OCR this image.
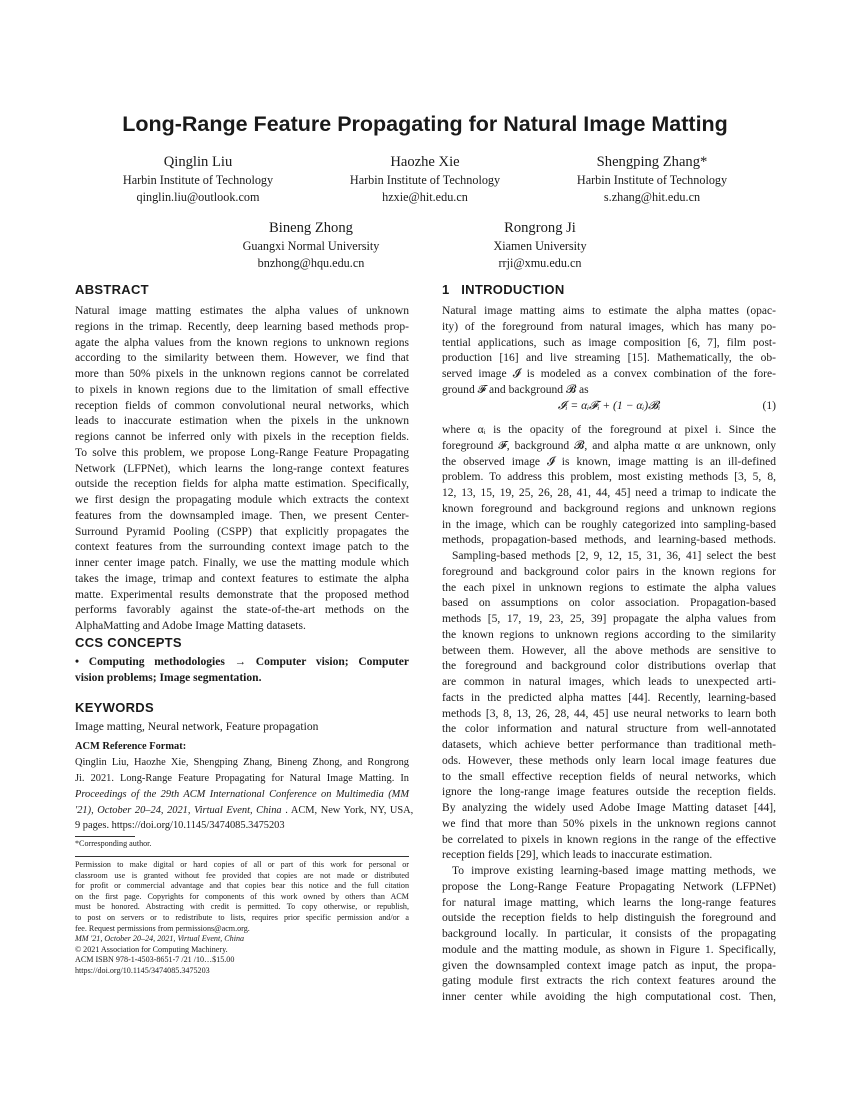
Long-Range Feature Propagating for Natural Image Matting
Qinglin Liu
Harbin Institute of Technology
qinglin.liu@outlook.com
Haozhe Xie
Harbin Institute of Technology
hzxie@hit.edu.cn
Shengping Zhang*
Harbin Institute of Technology
s.zhang@hit.edu.cn
Bineng Zhong
Guangxi Normal University
bnzhong@hqu.edu.cn
Rongrong Ji
Xiamen University
rrji@xmu.edu.cn
ABSTRACT
Natural image matting estimates the alpha values of unknown
regions in the trimap. Recently, deep learning based methods prop-
agate the alpha values from the known regions to unknown regions
according to the similarity between them. However, we find that
more than 50% pixels in the unknown regions cannot be correlated
to pixels in known regions due to the limitation of small effective
reception fields of common convolutional neural networks, which
leads to inaccurate estimation when the pixels in the unknown
regions cannot be inferred only with pixels in the reception fields.
To solve this problem, we propose Long-Range Feature Propagating
Network (LFPNet), which learns the long-range context features
outside the reception fields for alpha matte estimation. Specifically,
we first design the propagating module which extracts the context
features from the downsampled image. Then, we present Center-
Surround Pyramid Pooling (CSPP) that explicitly propagates the
context features from the surrounding context image patch to the
inner center image patch. Finally, we use the matting module which
takes the image, trimap and context features to estimate the alpha
matte. Experimental results demonstrate that the proposed method
performs favorably against the state-of-the-art methods on the
AlphaMatting and Adobe Image Matting datasets.
CCS CONCEPTS
• Computing methodologies → Computer vision; Computer
vision problems; Image segmentation.
KEYWORDS
Image matting, Neural network, Feature propagation
ACM Reference Format:
Qinglin Liu, Haozhe Xie, Shengping Zhang, Bineng Zhong, and Rongrong
Ji. 2021. Long-Range Feature Propagating for Natural Image Matting. In
Proceedings of the 29th ACM International Conference on Multimedia (MM
'21), October 20–24, 2021, Virtual Event, China . ACM, New York, NY, USA,
9 pages. https://doi.org/10.1145/3474085.3475203
*Corresponding author.
Permission to make digital or hard copies of all or part of this work for personal or
classroom use is granted without fee provided that copies are not made or distributed
for profit or commercial advantage and that copies bear this notice and the full citation
on the first page. Copyrights for components of this work owned by others than ACM
must be honored. Abstracting with credit is permitted. To copy otherwise, or republish,
to post on servers or to redistribute to lists, requires prior specific permission and/or a
fee. Request permissions from permissions@acm.org.
MM '21, October 20–24, 2021, Virtual Event, China
© 2021 Association for Computing Machinery.
ACM ISBN 978-1-4503-8651-7 /21 /10…$15.00
https://doi.org/10.1145/3474085.3475203
1   INTRODUCTION
Natural image matting aims to estimate the alpha mattes (opac-
ity) of the foreground from natural images, which has many po-
tential applications, such as image composition [6, 7], film post-
production [16] and live streaming [15]. Mathematically, the ob-
served image 𝓘 is modeled as a convex combination of the fore-
ground 𝓕 and background 𝓑 as
𝓘ᵢ = αᵢ𝓕ᵢ + (1 − αᵢ)𝓑ᵢ	(1)
where αᵢ is the opacity of the foreground at pixel i. Since the
foreground 𝓕, background 𝓑, and alpha matte α are unknown, only
the observed image 𝓘 is known, image matting is an ill-defined
problem. To address this problem, most existing methods [3, 5, 8,
12, 13, 15, 19, 25, 26, 28, 41, 44, 45] need a trimap to indicate the
known foreground and background regions and unknown regions
in the image, which can be roughly categorized into sampling-based
methods, propagation-based methods, and learning-based methods.
Sampling-based methods [2, 9, 12, 15, 31, 36, 41] select the best
foreground and background color pairs in the known regions for
the each pixel in unknown regions to estimate the alpha values
based on assumptions on color association. Propagation-based
methods [5, 17, 19, 23, 25, 39] propagate the alpha values from
the known regions to unknown regions according to the similarity
between them. However, all the above methods are sensitive to
the foreground and background color distributions overlap that
are common in natural images, which leads to unexpected arti-
facts in the predicted alpha mattes [44]. Recently, learning-based
methods [3, 8, 13, 26, 28, 44, 45] use neural networks to learn both
the color information and natural structure from well-annotated
datasets, which achieve better performance than traditional meth-
ods. However, these methods only learn local image features due
to the small effective reception fields of neural networks, which
ignore the long-range image features outside the reception fields.
By analyzing the widely used Adobe Image Matting dataset [44],
we find that more than 50% pixels in the unknown regions cannot
be correlated to pixels in known regions in the range of the effective
reception fields [29], which leads to inaccurate estimation.
To improve existing learning-based image matting methods, we
propose the Long-Range Feature Propagating Network (LFPNet)
for natural image matting, which learns the long-range features
outside the reception fields to help distinguish the foreground and
background locally. In particular, it consists of the propagating
module and the matting module, as shown in Figure 1. Specifically,
given the downsampled context image patch as input, the propa-
gating module first extracts the rich context features around the
inner center while avoiding the high computational cost. Then,
